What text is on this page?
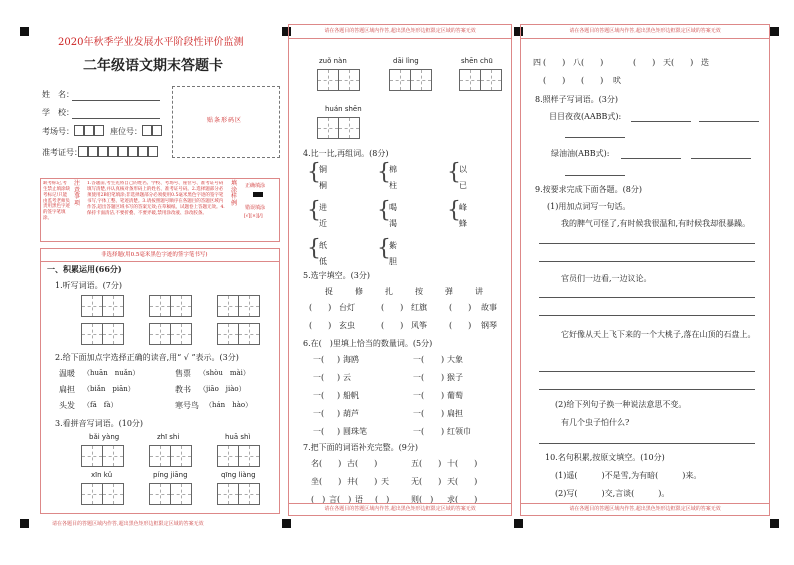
2020年秋季学业发展水平阶段性评价监测
二年级语文期末答题卡
姓　名：
学　校：
考场号：	座位号：
准考证号：
贴条形码区
缺考标记,考生禁止填涂缺考标记!只能由监考老师负责用黑色字迹的签字笔填涂。
注意事项
1.答题前,考生先将自己的姓名、学校、考场号、座位号、准考证号码填写清楚,并认真核对条形码上的姓名、准考证号码。2.选择题部分必须使用2B铅笔填涂;非选择题部分必须使用0.5毫米黑色字迹的签字笔书写,字体工整、笔迹清楚。3.请按照题号顺序在各题目的答题区域内作答,超出答题区域书写的答案无效;在草稿纸、试题卷上答题无效。4.保持卡面清洁,不要折叠、不要弄破,禁用涂改液、涂改胶条。
填涂样例
正确填涂
错误填涂
[√][×][/]
非选择题(用0.5毫米黑色字迹的签字笔书写)
一、积累运用(66分)
1.听写词语。(7分)
2.给下面加点字选择正确的读音,用“ √ ”表示。(3分)
温暖 （huān　nuǎn）	售票 （shòu　mài）
扁担 （biǎn　piān）	教书 （jiāo　jiào）
头发 （fā　fà）	寒号鸟 （hán　hào）
3.看拼音写词语。(10分)
bǎi yàng	zhī shi	huā shì
xīn kǔ	píng jiāng	qīng liàng
请在各题目的答题区域内作答,超出黑色矩形边框限定区域的答案无效
请在各题目的答题区域内作答,超出黑色矩形边框限定区域的答案无效
zuǒ nàn	dāi lìng	shēn chū
huán shēn
4.比一比,再组词。(8分)
铜	棉	以
桐	柱	已
进	喝	峰
近	渴	蜂
纸	紫
低	胆
{	{	{
{	{	{
{	{
5.选字填空。(3分)
捉	修	扎	按	弹	讲
(　　) 台灯	(　　) 红旗	(　　) 故事
(　　) 玄虫	(　　) 风筝	(　　) 钢琴
6.在(　)里填上恰当的数量词。(5分)
一( ) 海鸥	一( ) 大象
一( ) 云	一( ) 猴子
一( ) 船帆	一( ) 葡萄
一( ) 葫芦	一( ) 扁担
一( ) 圆珠笔	一( ) 红领巾
7.把下面的词语补充完整。(9分)
名 (　　) 古 (　　)	五 (　　) 十 (　　)
坐 (　　) 井 (　　) 天	无 (　　) 天 (　　)
(　) 言 (　) 语 (　)	则 (　) 求 (　　)
请在各题目的答题区域内作答,超出黑色矩形边框限定区域的答案无效
请在各题目的答题区域内作答,超出黑色矩形边框限定区域的答案无效
四 (　　) 八 (　　)	(　　) 天 (　　) 迭
(　　) (　　) 吠
8.照样子写词语。(3分)
目目夜夜(AABB式):
绿油油(ABB式):
9.按要求完成下面各题。(8分)
(1)用加点词写一句话。
我的脾气可怪了,有时候我很温和,有时候我却很暴躁。
官员们一边看,一边议论。
它好像从天上飞下来的一个大桃子,落在山顶的石盘上。
(2)给下列句子换一种说法意思不变。
有几个虫子怕什么?
10.名句积累,按原文填空。(10分)
(1)遥(　　　)不是雪,为有暗(　　　)来。
(2)写(　　　)交,言谈(　　　)。
请在各题目的答题区域内作答,超出黑色矩形边框限定区域的答案无效
